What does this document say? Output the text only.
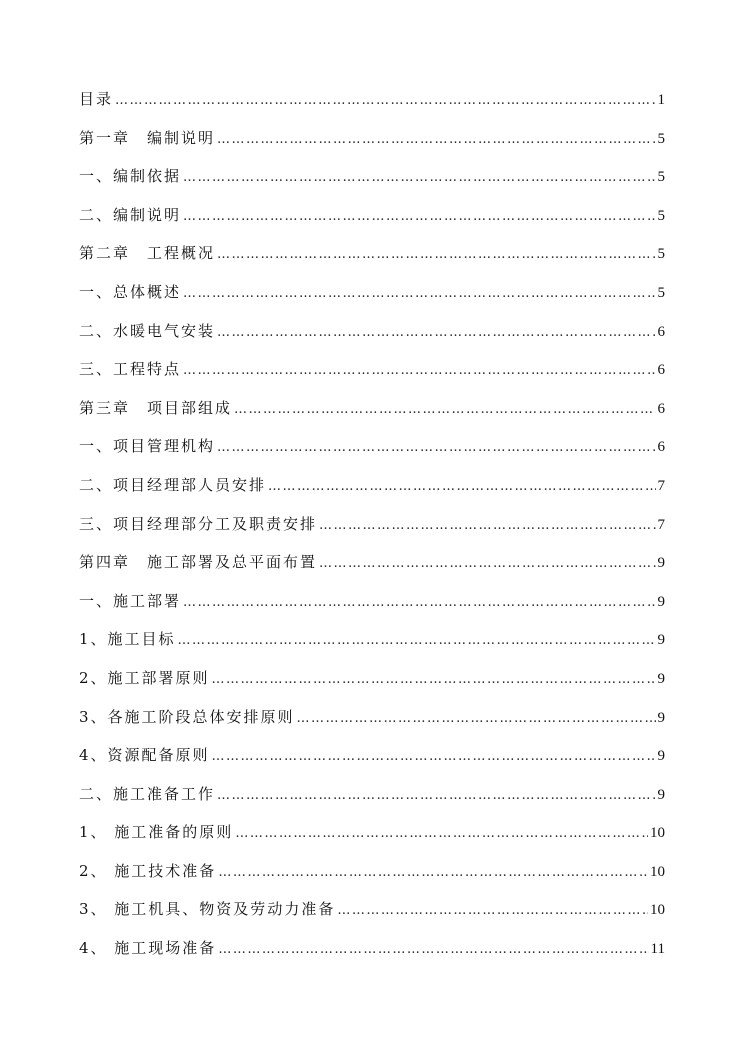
目录 …………………………………………………………………………………………………………………………	1
第一章　编制说明 …………………………………………………………………………………………………………………………	5
一、编制依据 …………………………………………………………………………………………………………………………	5
二、编制说明 …………………………………………………………………………………………………………………………	5
第二章　工程概况 …………………………………………………………………………………………………………………………	5
一、总体概述 …………………………………………………………………………………………………………………………	5
二、水暖电气安装 …………………………………………………………………………………………………………………………	6
三、工程特点 …………………………………………………………………………………………………………………………	6
第三章　项目部组成 …………………………………………………………………………………………………………………………	6
一、项目管理机构 …………………………………………………………………………………………………………………………	6
二、项目经理部人员安排 …………………………………………………………………………………………………………………………	7
三、项目经理部分工及职责安排 …………………………………………………………………………………………………………………………	7
第四章　施工部署及总平面布置 …………………………………………………………………………………………………………………………	9
一、施工部署 …………………………………………………………………………………………………………………………	9
1、施工目标 …………………………………………………………………………………………………………………………	9
2、施工部署原则 …………………………………………………………………………………………………………………………	9
3、各施工阶段总体安排原则 …………………………………………………………………………………………………………………………	9
4、资源配备原则 …………………………………………………………………………………………………………………………	9
二、施工准备工作 …………………………………………………………………………………………………………………………	9
1、 施工准备的原则 …………………………………………………………………………………………………………………………	10
2、 施工技术准备 …………………………………………………………………………………………………………………………	10
3、 施工机具、物资及劳动力准备 …………………………………………………………………………………………………………………………	10
4、 施工现场准备 …………………………………………………………………………………………………………………………	11
